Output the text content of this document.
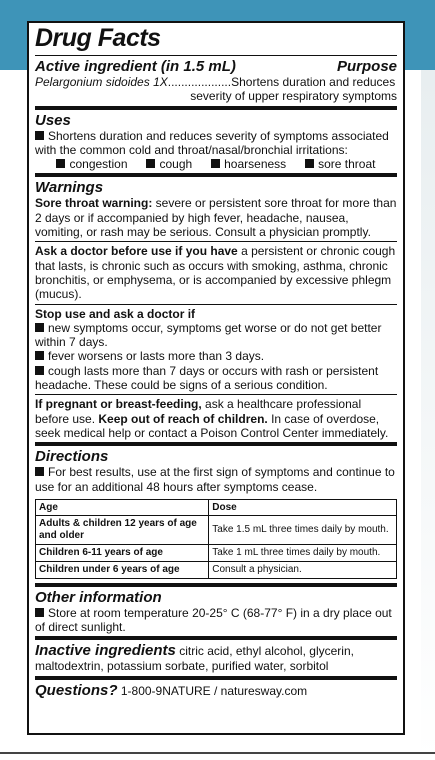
Drug Facts
Active ingredient (in 1.5 mL)	Purpose
Pelargonium sidoides 1X...................Shortens duration and reduces
severity of upper respiratory symptoms
Uses
Shortens duration and reduces severity of symptoms associated with the common cold and throat/nasal/bronchial irritations:
congestion	cough	hoarseness	sore throat
Warnings
Sore throat warning: severe or persistent sore throat for more than 2 days or if accompanied by high fever, headache, nausea, vomiting, or rash may be serious. Consult a physician promptly.
Ask a doctor before use if you have a persistent or chronic cough that lasts, is chronic such as occurs with smoking, asthma, chronic bronchitis, or emphysema, or is accompanied by excessive phlegm (mucus).
Stop use and ask a doctor if
new symptoms occur, symptoms get worse or do not get better within 7 days.
fever worsens or lasts more than 3 days.
cough lasts more than 7 days or occurs with rash or persistent headache. These could be signs of a serious condition.
If pregnant or breast-feeding, ask a healthcare professional before use. Keep out of reach of children. In case of overdose, seek medical help or contact a Poison Control Center immediately.
Directions
For best results, use at the first sign of symptoms and continue to use for an additional 48 hours after symptoms cease.
Age	Dose
Adults & children 12 years of age and older	Take 1.5 mL three times daily by mouth.
Children 6-11 years of age	Take 1 mL three times daily by mouth.
Children under 6 years of age	Consult a physician.
Other information
Store at room temperature 20-25° C (68-77° F) in a dry place out of direct sunlight.
Inactive ingredients citric acid, ethyl alcohol, glycerin, maltodextrin, potassium sorbate, purified water, sorbitol
Questions? 1-800-9NATURE / naturesway.com
